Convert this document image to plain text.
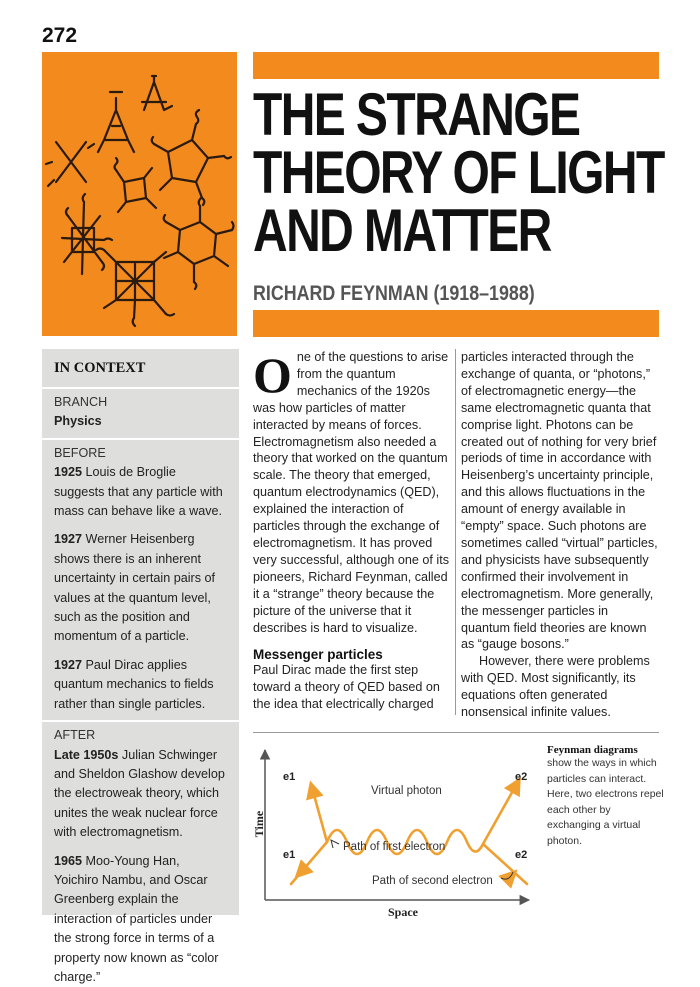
272
THE STRANGE
THEORY OF LIGHT
AND MATTER
RICHARD FEYNMAN (1918–1988)
IN CONTEXT
BRANCH
Physics
BEFORE
1925 Louis de Broglie suggests that any particle with mass can behave like a wave.
1927 Werner Heisenberg shows there is an inherent uncertainty in certain pairs of values at the quantum level, such as the position and momentum of a particle.
1927 Paul Dirac applies quantum mechanics to fields rather than single particles.
AFTER
Late 1950s Julian Schwinger and Sheldon Glashow develop the electroweak theory, which unites the weak nuclear force with electromagnetism.
1965 Moo-Young Han, Yoichiro Nambu, and Oscar Greenberg explain the interaction of particles under the strong force in terms of a property now known as “color charge.”

One of the questions to arise from the quantum mechanics of the 1920s was how particles of matter interacted by means of forces. Electromagnetism also needed a theory that worked on the quantum scale. The theory that emerged, quantum electrodynamics (QED), explained the interaction of particles through the exchange of electromagnetism. It has proved very successful, although one of its pioneers, Richard Feynman, called it a “strange” theory because the picture of the universe that it describes is hard to visualize.

Messenger particles

Paul Dirac made the first step toward a theory of QED based on the idea that electrically charged

particles interacted through the exchange of quanta, or “photons,” of electromagnetic energy—the same electromagnetic quanta that comprise light. Photons can be created out of nothing for very brief periods of time in accordance with Heisenberg’s uncertainty principle, and this allows fluctuations in the amount of energy available in “empty” space. Such photons are sometimes called “virtual” particles, and physicists have subsequently confirmed their involvement in electromagnetism. More generally, the messenger particles in quantum field theories are known as “gauge bosons.”

However, there were problems with QED. Most significantly, its equations often generated nonsensical infinite values.

Time
Space
e1	e2
e1	e2
Virtual photon
Path of first electron
Path of second electron
Feynman diagrams
show the ways in which particles can interact. Here, two electrons repel each other by exchanging a virtual photon.
